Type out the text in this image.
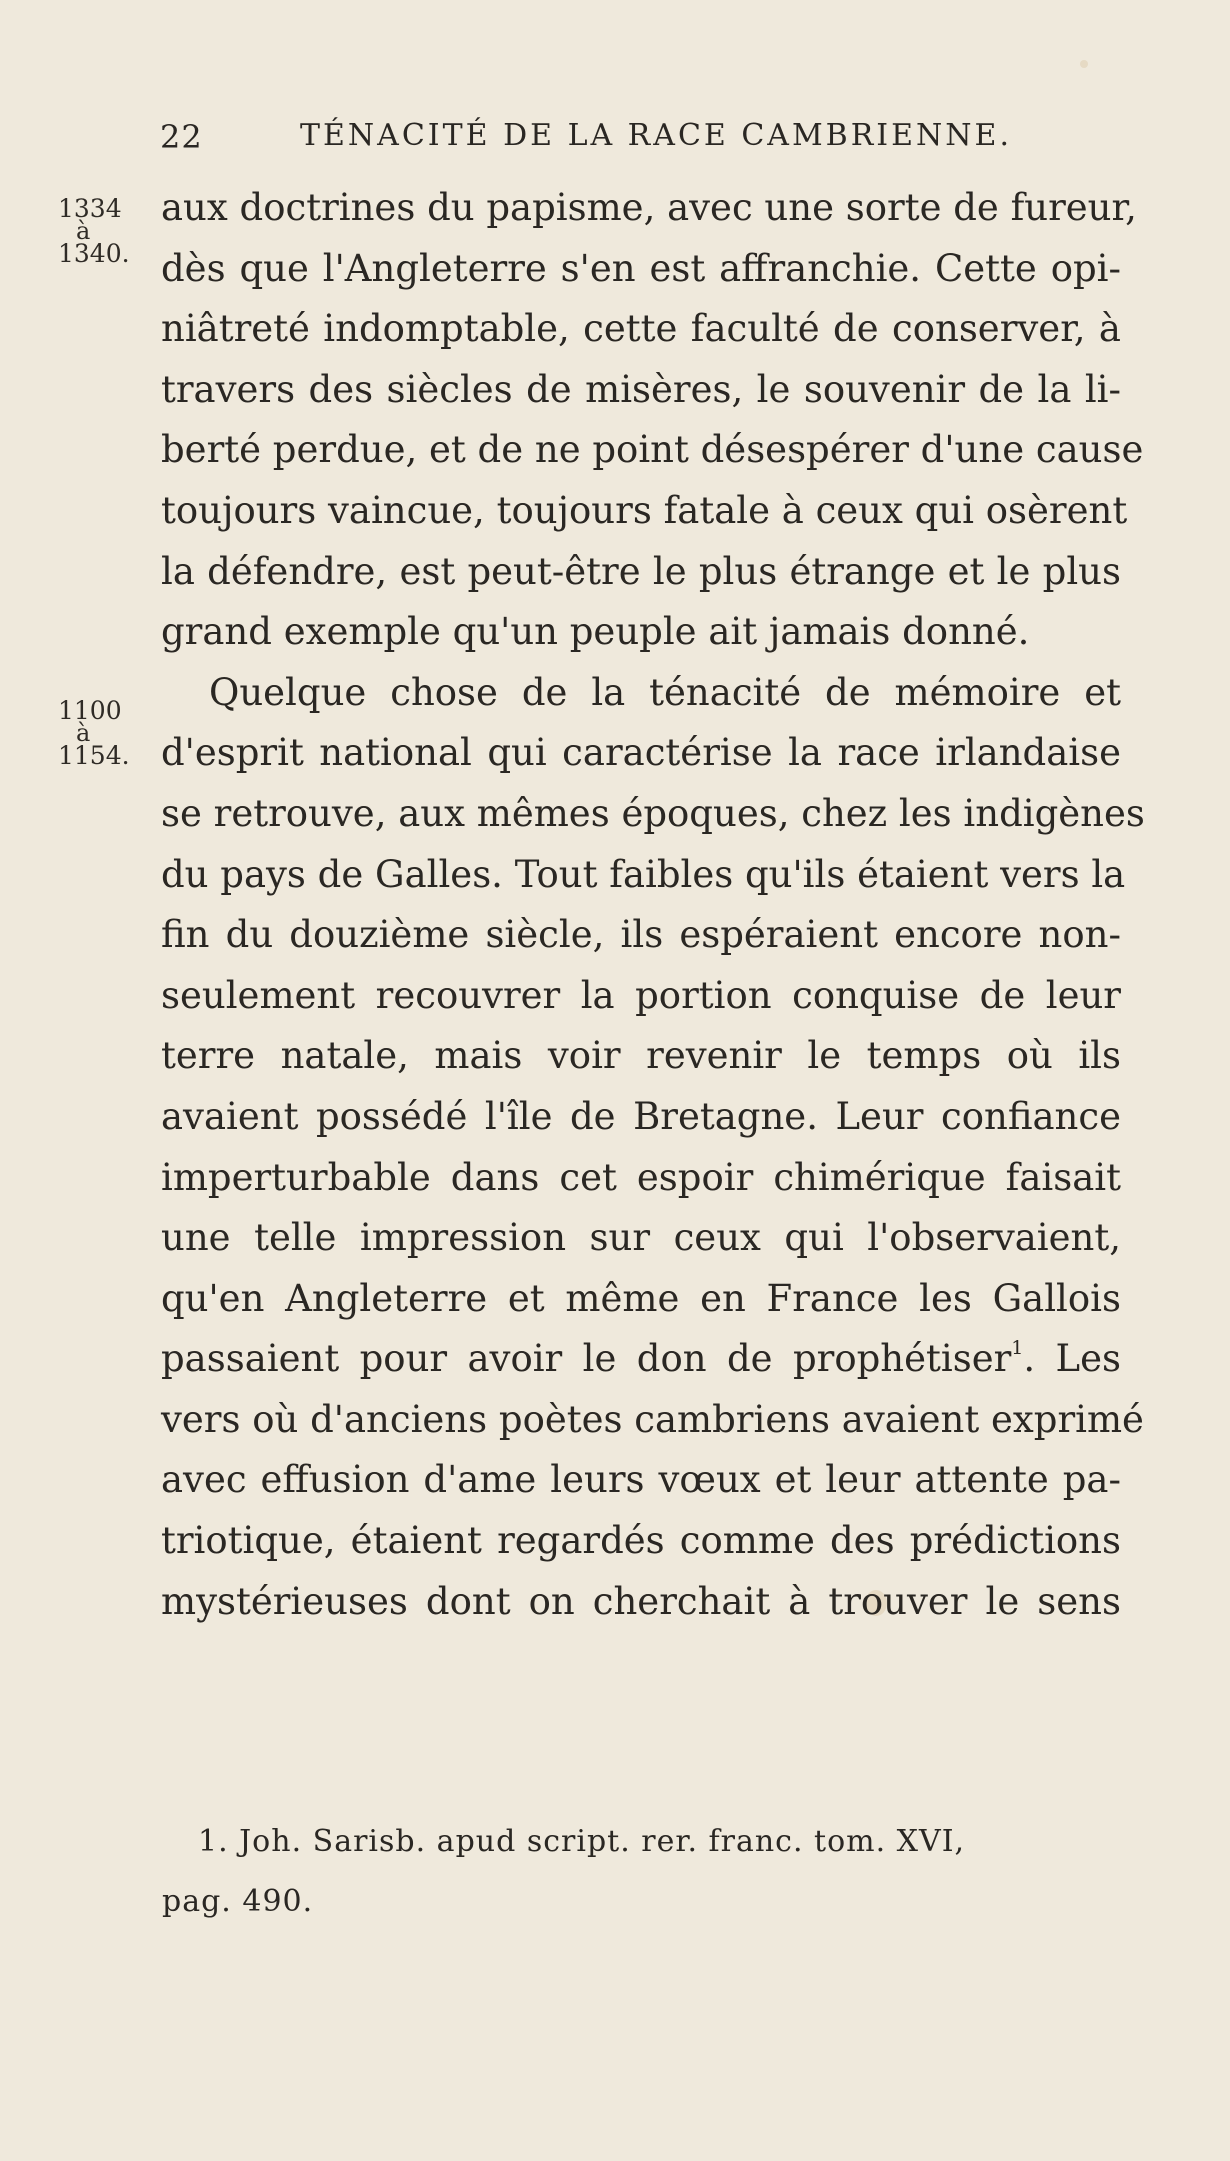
22	TÉNACITÉ DE LA RACE CAMBRIENNE.
1334
à
1340.
1100
à
1154.
aux doctrines du papisme, avec une sorte de fureur,
dès que l'Angleterre s'en est affranchie. Cette opi-
niâtreté indomptable, cette faculté de conserver, à
travers des siècles de misères, le souvenir de la li-
berté perdue, et de ne point désespérer d'une cause
toujours vaincue, toujours fatale à ceux qui osèrent
la défendre, est peut-être le plus étrange et le plus
grand exemple qu'un peuple ait jamais donné.
Quelque chose de la ténacité de mémoire et
d'esprit national qui caractérise la race irlandaise
se retrouve, aux mêmes époques, chez les indigènes
du pays de Galles. Tout faibles qu'ils étaient vers la
fin du douzième siècle, ils espéraient encore non-
seulement recouvrer la portion conquise de leur
terre natale, mais voir revenir le temps où ils
avaient possédé l'île de Bretagne. Leur confiance
imperturbable dans cet espoir chimérique faisait
une telle impression sur ceux qui l'observaient,
qu'en Angleterre et même en France les Gallois
passaient pour avoir le don de prophétiser$^1$. Les
vers où d'anciens poètes cambriens avaient exprimé
avec effusion d'ame leurs vœux et leur attente pa-
triotique, étaient regardés comme des prédictions
mystérieuses dont on cherchait à trouver le sens
1. Joh. Sarisb. apud script. rer. franc. tom. XVI,
pag. 490.
